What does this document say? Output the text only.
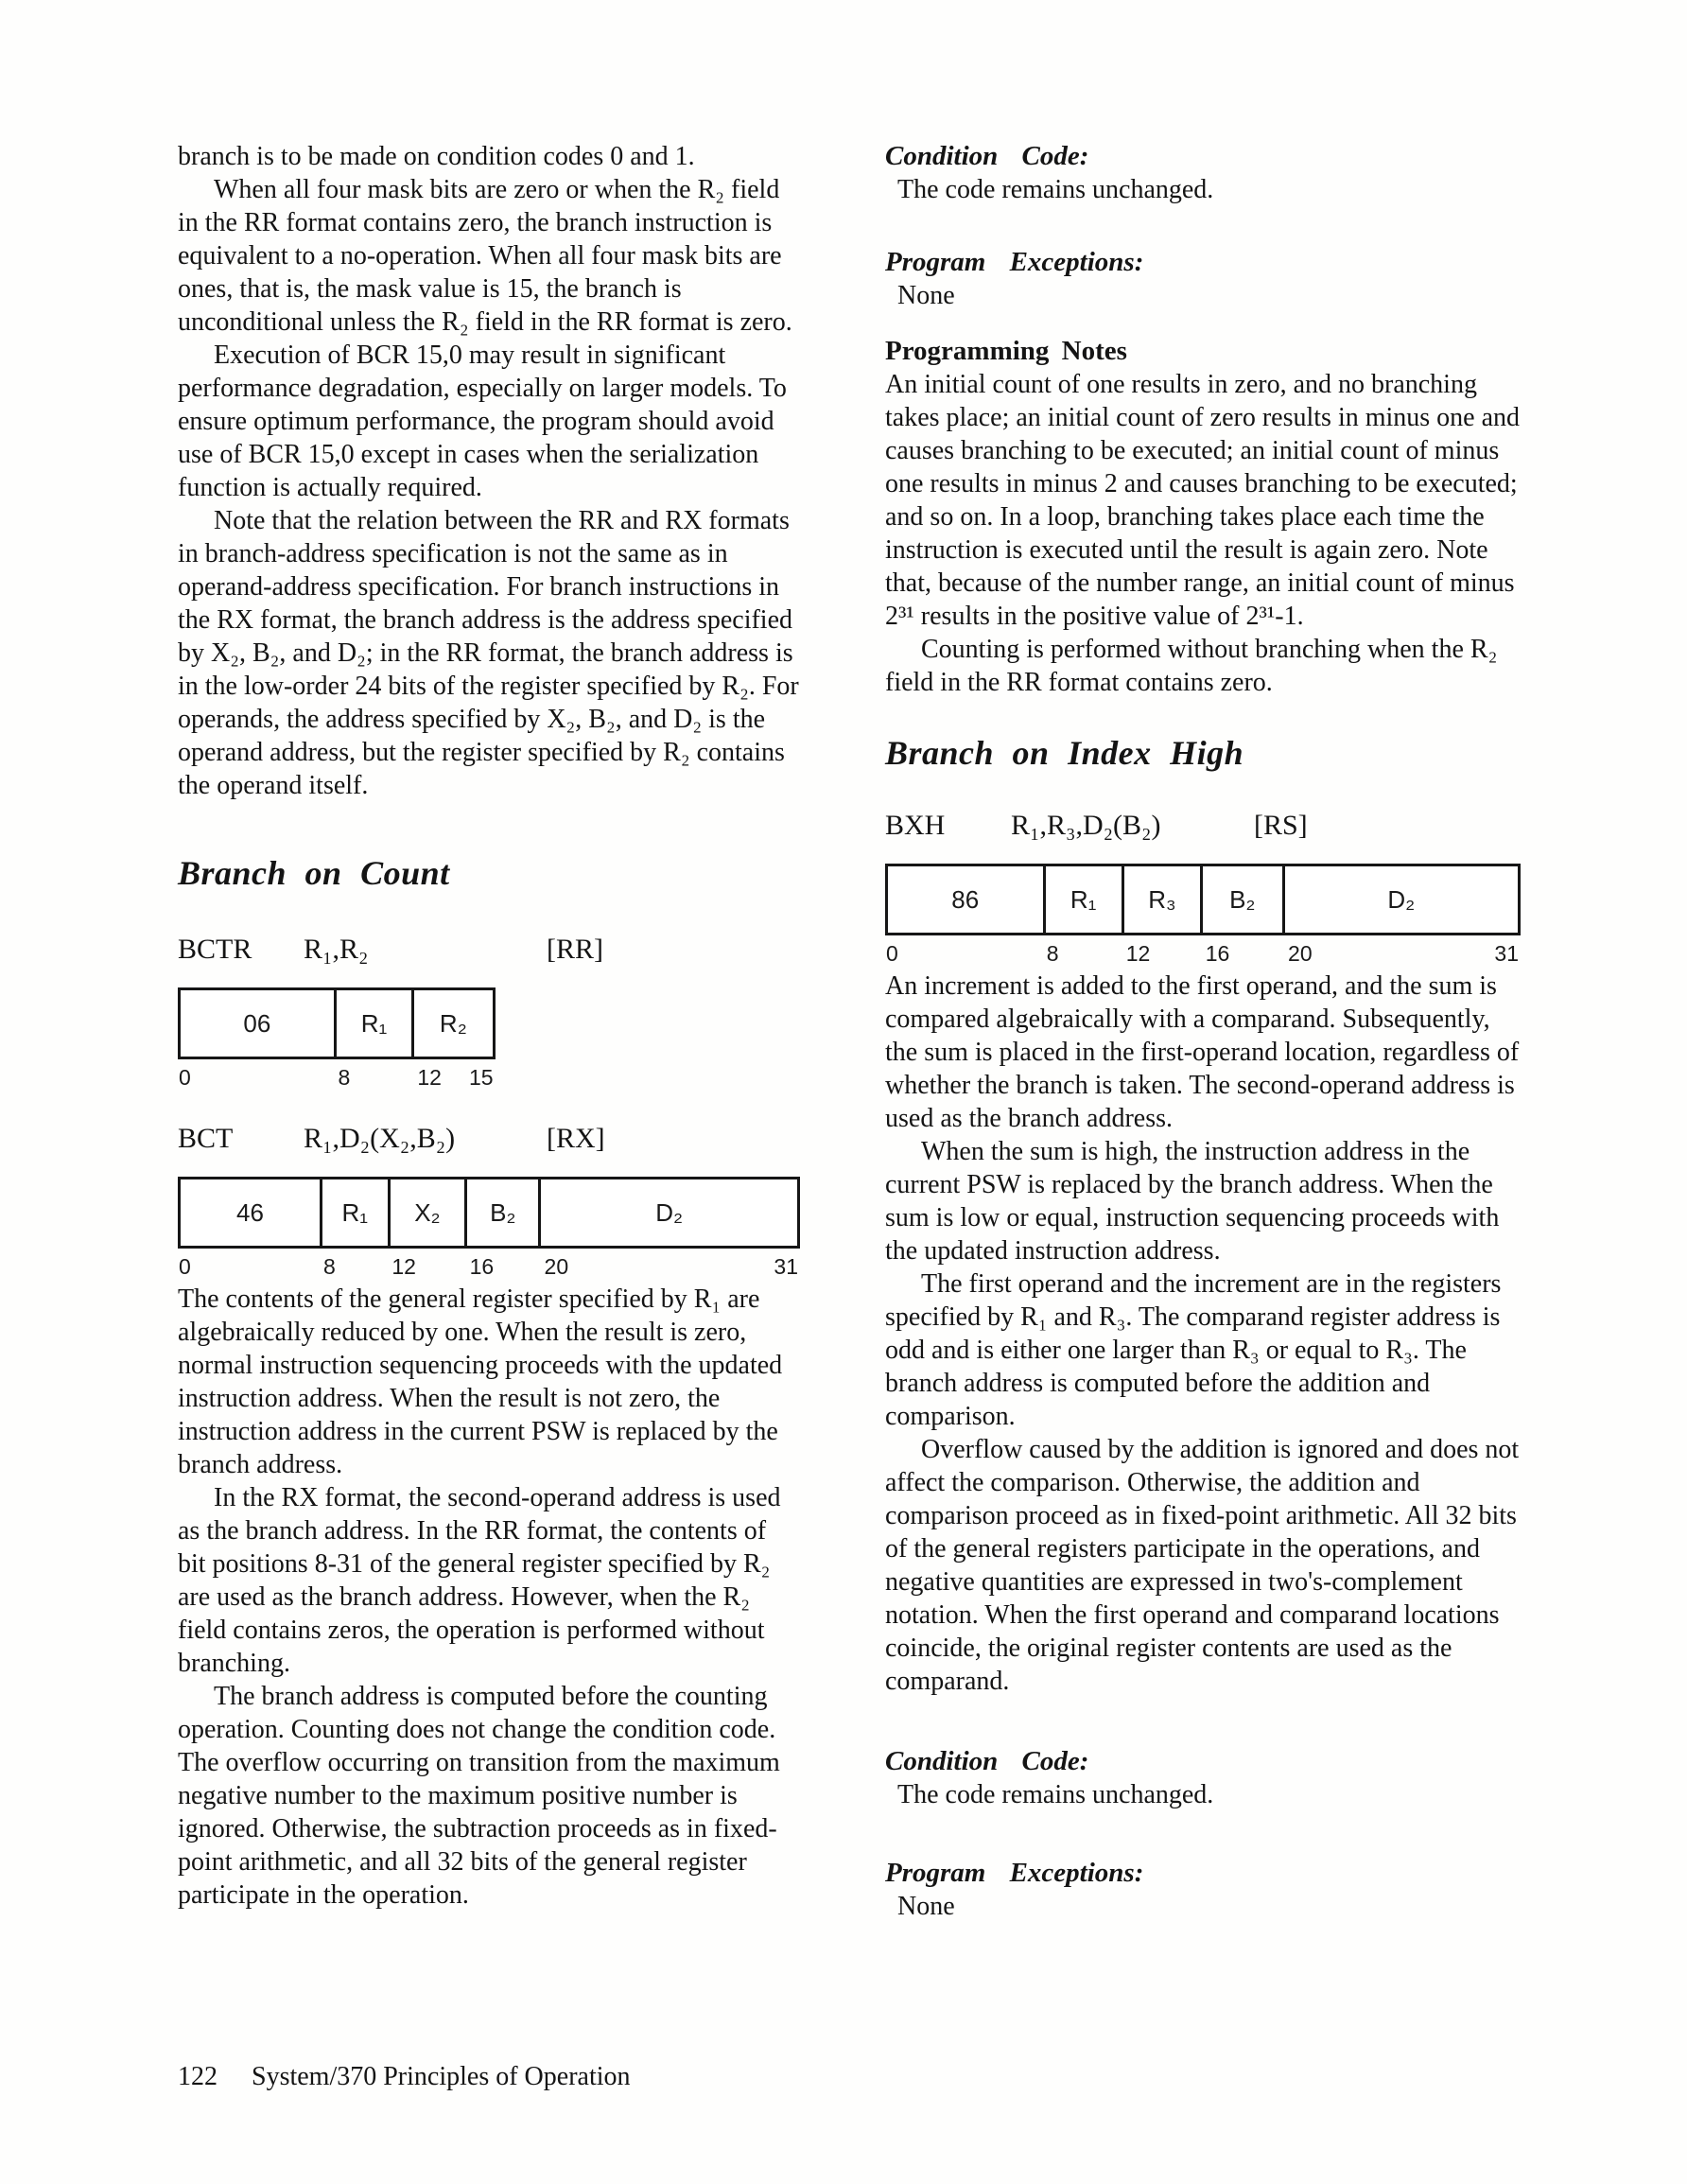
branch is to be made on condition codes 0 and 1.

When all four mask bits are zero or when the R₂ field in the RR format contains zero, the branch instruction is equivalent to a no-operation. When all four mask bits are ones, that is, the mask value is 15, the branch is unconditional unless the R₂ field in the RR format is zero.

Execution of BCR 15,0 may result in significant performance degradation, especially on larger models. To ensure optimum performance, the program should avoid use of BCR 15,0 except in cases when the serialization function is actually required.

Note that the relation between the RR and RX formats in branch-address specification is not the same as in operand-address specification. For branch instructions in the RX format, the branch address is the address specified by X₂, B₂, and D₂; in the RR format, the branch address is in the low-order 24 bits of the register specified by R₂. For operands, the address specified by X₂, B₂, and D₂ is the operand address, but the register specified by R₂ contains the operand itself.

Branch on Count
BCTR R₁,R₂	[RR]
06	R₁	R₂
0	8	12 15
BCT R₁,D₂(X₂,B₂)	[RX]
46	R₁	X₂	B₂	D₂
0	8	12 16 20	31

The contents of the general register specified by R₁ are algebraically reduced by one. When the result is zero, normal instruction sequencing proceeds with the updated instruction address. When the result is not zero, the instruction address in the current PSW is replaced by the branch address.

In the RX format, the second-operand address is used as the branch address. In the RR format, the contents of bit positions 8-31 of the general register specified by R₂ are used as the branch address. However, when the R₂ field contains zeros, the operation is performed without branching.

The branch address is computed before the counting operation. Counting does not change the condition code. The overflow occurring on transition from the maximum negative number to the maximum positive number is ignored. Otherwise, the subtraction proceeds as in fixed-point arithmetic, and all 32 bits of the general register participate in the operation.

Condition Code:

The code remains unchanged.

Program Exceptions:

None

Programming Notes

An initial count of one results in zero, and no branching takes place; an initial count of zero results in minus one and causes branching to be executed; an initial count of minus one results in minus 2 and causes branching to be executed; and so on. In a loop, branching takes place each time the instruction is executed until the result is again zero. Note that, because of the number range, an initial count of minus 2³¹ results in the positive value of 2³¹-1.

Counting is performed without branching when the R₂ field in the RR format contains zero.

Branch on Index High
BXH R₁,R₃,D₂(B₂)	[RS]
86	R₁	R₃	B₂	D₂
0	8	12	16	20	31

An increment is added to the first operand, and the sum is compared algebraically with a comparand. Subsequently, the sum is placed in the first-operand location, regardless of whether the branch is taken. The second-operand address is used as the branch address.

When the sum is high, the instruction address in the current PSW is replaced by the branch address. When the sum is low or equal, instruction sequencing proceeds with the updated instruction address.

The first operand and the increment are in the registers specified by R₁ and R₃. The comparand register address is odd and is either one larger than R₃ or equal to R₃. The branch address is computed before the addition and comparison.

Overflow caused by the addition is ignored and does not affect the comparison. Otherwise, the addition and comparison proceed as in fixed-point arithmetic. All 32 bits of the general registers participate in the operations, and negative quantities are expressed in two's-complement notation. When the first operand and comparand locations coincide, the original register contents are used as the comparand.

Condition Code:

The code remains unchanged.

Program Exceptions:

None

122 System/370 Principles of Operation
